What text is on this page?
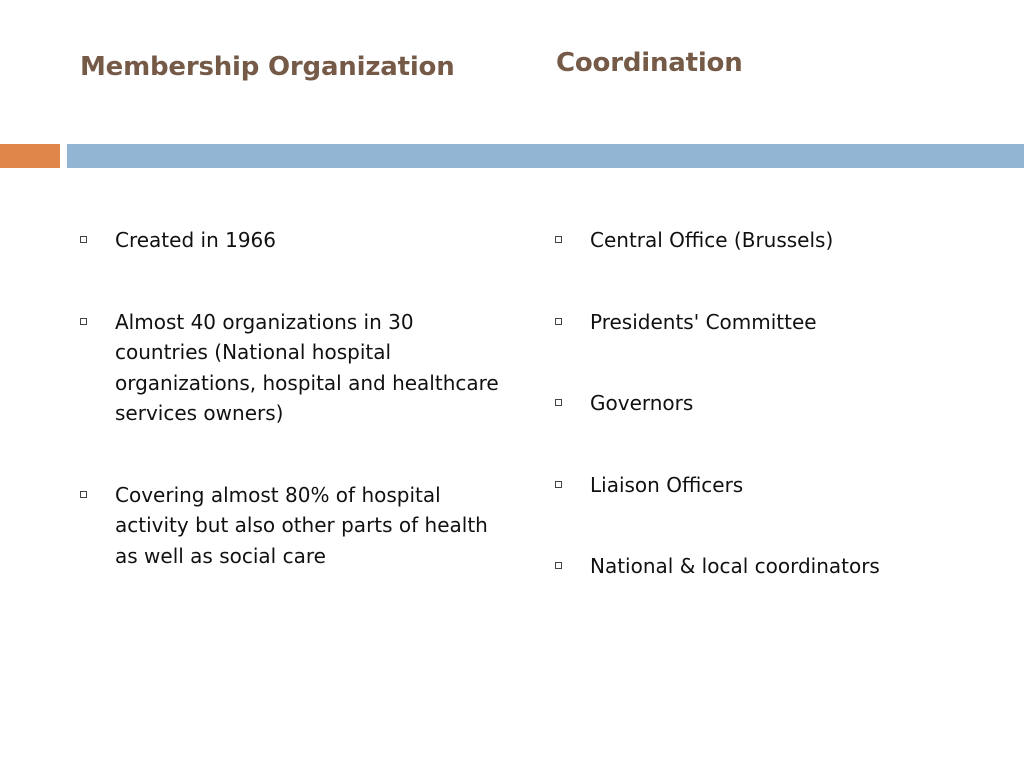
Membership Organization	Coordination
Created in 1966
Almost 40 organizations in 30 countries (National hospital organizations, hospital and healthcare services owners)
Covering almost 80% of hospital activity but also other parts of health as well as social care
Central Office (Brussels)
Presidents' Committee
Governors
Liaison Officers
National & local coordinators
